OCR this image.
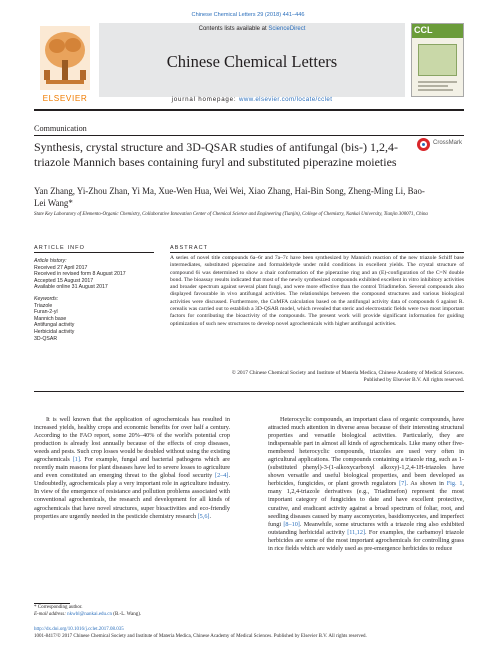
Chinese Chemical Letters 29 (2018) 441–446
ELSEVIER
Contents lists available at ScienceDirect
Chinese Chemical Letters
journal homepage: www.elsevier.com/locate/cclet
CCL
Communication
Synthesis, crystal structure and 3D-QSAR studies of antifungal (bis-) 1,2,4-triazole Mannich bases containing furyl and substituted piperazine moieties
CrossMark
Yan Zhang, Yi-Zhou Zhan, Yi Ma, Xue-Wen Hua, Wei Wei, Xiao Zhang, Hai-Bin Song, Zheng-Ming Li, Bao-Lei Wang*
State Key Laboratory of Elemento-Organic Chemistry, Collaborative Innovation Center of Chemical Science and Engineering (Tianjin), College of Chemistry, Nankai University, Tianjin 300071, China
ARTICLE INFO	ABSTRACT
Article history:
Received 27 April 2017
Received in revised form 8 August 2017
Accepted 15 August 2017
Available online 31 August 2017
Keywords:
Triazole
Furan-2-yl
Mannich base
Antifungal activity
Herbicidal activity
3D-QSAR
A series of novel title compounds 6a–6r and 7a–7c have been synthesized by Mannich reaction of the new triazole Schiff base intermediates, substituted piperazine and formaldehyde under mild conditions in excellent yields. The crystal structure of compound 6i was determined to show a chair conformation of the piperazine ring and an (E)-configuration of the C=N double bond. The bioassay results indicated that most of the newly synthesized compounds exhibited excellent in vitro inhibitory activities and broader spectrum against several plant fungi, and were more effective than the control Triadimefon. Several compounds also displayed favourable in vivo antifungal activities. The relationships between the compound structures and various biological activities were discussed. Furthermore, the CoMFA calculation based on the antifungal activity data of compounds 6 against R. cerealis was carried out to establish a 3D-QSAR model, which revealed that steric and electrostatic fields were two most important factors for contributing the bioactivity of the compounds. The present work will provide significant information for guiding optimization of such new structures to develop novel agrochemicals with higher antifungal activities.
© 2017 Chinese Chemical Society and Institute of Materia Medica, Chinese Academy of Medical Sciences.
Published by Elsevier B.V. All rights reserved.
It is well known that the application of agrochemicals has resulted in increased yields, healthy crops and economic benefits for over half a century. According to the FAO report, some 20%–40% of the world's potential crop production is already lost annually because of the effects of crop diseases, weeds and pests. Such crop losses would be doubled without using the existing agrochemicals [1]. For example, fungal and bacterial pathogens which are recently main reasons for plant diseases have led to severe losses to agriculture and even constituted an emerging threat to the global food security [2–4]. Undoubtedly, agrochemicals play a very important role in agriculture industry. In view of the emergence of resistance and pollution problems associated with conventional agrochemicals, the research and development for all kinds of agrochemicals that have novel structures, super bioactivities and eco-friendly properties are urgently needed in the pesticide chemistry research [5,6].
Heterocyclic compounds, an important class of organic compounds, have attracted much attention in diverse areas because of their interesting structural properties and versatile biological activities. Particularly, they are indispensable part in almost all kinds of agrochemicals. Like many other five-membered heterocyclic compounds, triazoles are used very often in agricultural applications. The compounds containing a triazole ring, such as 1-(substituted phenyl)-3-(1-alkoxycarboxyl alkoxy)-1,2,4-1H-triazoles have shown versatile and useful biological properties, and been developed as herbicides, fungicides, or plant growth regulators [7]. As shown in Fig. 1, many 1,2,4-triazole derivatives (e.g., Triadimefon) represent the most important category of fungicides to date and have excellent protective, curative, and eradicant activity against a broad spectrum of foliar, root, and seedling diseases caused by many ascomycetes, basidiomycetes, and imperfect fungi [8–10]. Meanwhile, some structures with a triazole ring also exhibited outstanding herbicidal activity [11,12]. For examples, the carbamoyl triazole herbicides are some of the most important agrochemicals for controlling grass in rice fields which are widely used as pre-emergence herbicides to reduce
* Corresponding author.
E-mail address: nkwbl@nankai.edu.cn (B.-L. Wang).
http://dx.doi.org/10.1016/j.cclet.2017.08.035
1001-8417/© 2017 Chinese Chemical Society and Institute of Materia Medica, Chinese Academy of Medical Sciences. Published by Elsevier B.V. All rights reserved.
